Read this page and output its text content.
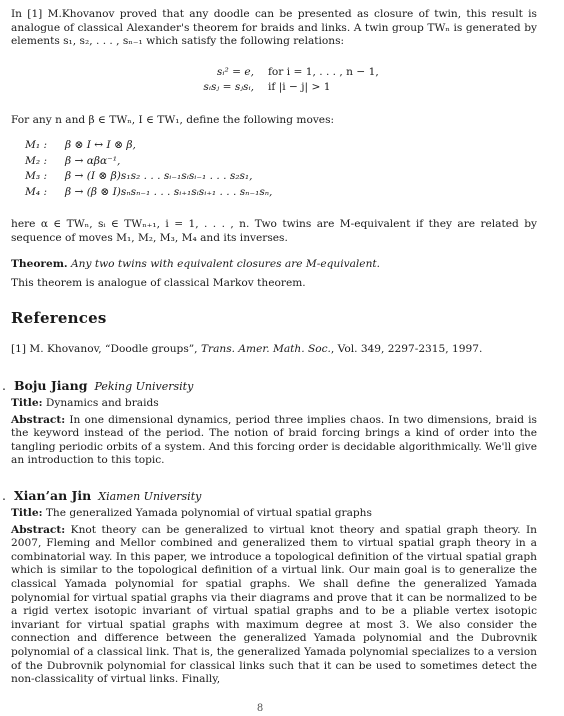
In [1] M.Khovanov proved that any doodle can be presented as closure of twin, this result is analogue of classical Alexander's theorem for braids and links. A twin group TWₙ is generated by elements s₁, s₂, . . . , sₙ₋₁ which satisfy the following relations:

sᵢ² = e,	for i = 1, . . . , n − 1,
sᵢsⱼ = sⱼsᵢ,	if |i − j| > 1

For any n and β ∈ TWₙ, I ∈ TW₁, define the following moves:

M₁ : β ⊗ I ↔ I ⊗ β,
M₂ : β → αβα⁻¹,
M₃ : β → (I ⊗ β)s₁s₂ . . . sᵢ₋₁sᵢsᵢ₋₁ . . . s₂s₁,
M₄ : β → (β ⊗ I)sₙsₙ₋₁ . . . sᵢ₊₁sᵢsᵢ₊₁ . . . sₙ₋₁sₙ,

here α ∈ TWₙ, sᵢ ∈ TWₙ₊₁, i = 1, . . . , n. Two twins are M-equivalent if they are related by sequence of moves M₁, M₂, M₃, M₄ and its inverses.

Theorem. Any two twins with equivalent closures are M-equivalent.

This theorem is analogue of classical Markov theorem.

References

[1] M. Khovanov, “Doodle groups”, Trans. Amer. Math. Soc., Vol. 349, 2297-2315, 1997.

. Boju Jiang Peking University
Title: Dynamics and braids
Abstract: In one dimensional dynamics, period three implies chaos. In two dimensions, braid is the keyword instead of the period. The notion of braid forcing brings a kind of order into the tangling periodic orbits of a system. And this forcing order is decidable algorithmically. We'll give an introduction to this topic.
. Xian’an Jin Xiamen University
Title: The generalized Yamada polynomial of virtual spatial graphs
Abstract: Knot theory can be generalized to virtual knot theory and spatial graph theory. In 2007, Fleming and Mellor combined and generalized them to virtual spatial graph theory in a combinatorial way. In this paper, we introduce a topological definition of the virtual spatial graph which is similar to the topological definition of a virtual link. Our main goal is to generalize the classical Yamada polynomial for spatial graphs. We shall define the generalized Yamada polynomial for virtual spatial graphs via their diagrams and prove that it can be normalized to be a rigid vertex isotopic invariant of virtual spatial graphs and to be a pliable vertex isotopic invariant for virtual spatial graphs with maximum degree at most 3. We also consider the connection and difference between the generalized Yamada polynomial and the Dubrovnik polynomial of a classical link. That is, the generalized Yamada polynomial specializes to a version of the Dubrovnik polynomial for classical links such that it can be used to sometimes detect the non-classicality of virtual links. Finally,
8
